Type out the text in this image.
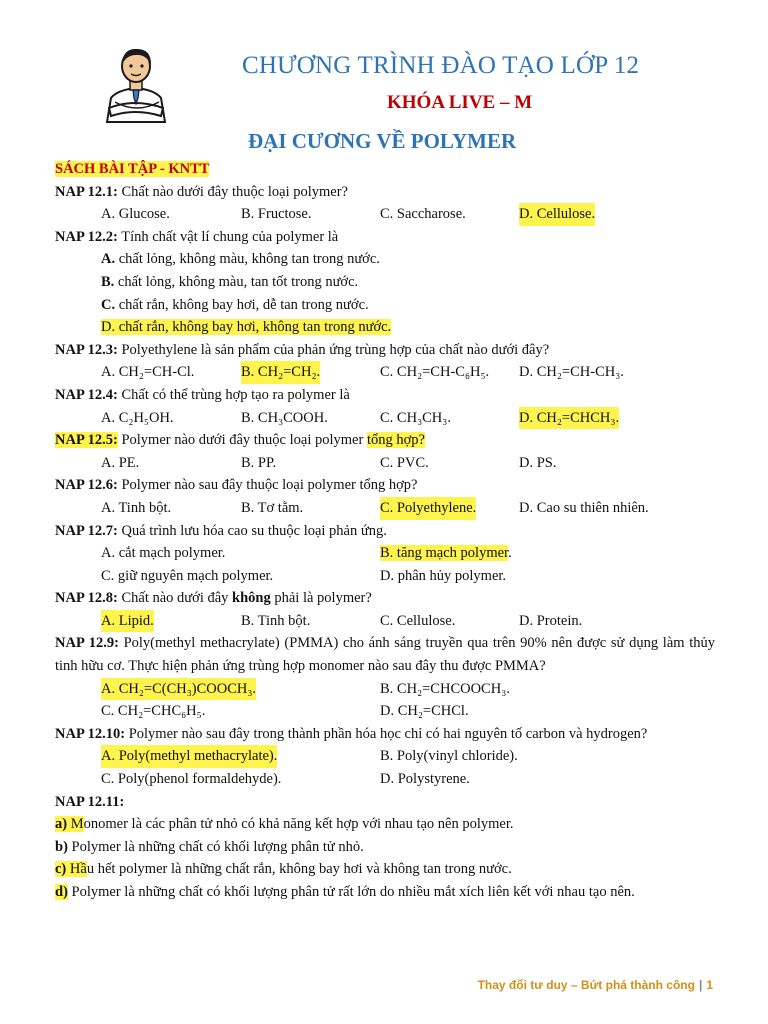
CHƯƠNG TRÌNH ĐÀO TẠO LỚP 12
KHÓA LIVE – M
ĐẠI CƯƠNG VỀ POLYMER
SÁCH BÀI TẬP - KNTT
NAP 12.1: Chất nào dưới đây thuộc loại polymer?
A. Glucose.	B. Fructose.	C. Saccharose.	D. Cellulose.
NAP 12.2: Tính chất vật lí chung của polymer là
A. chất lỏng, không màu, không tan trong nước.
B. chất lỏng, không màu, tan tốt trong nước.
C. chất rắn, không bay hơi, dễ tan trong nước.
D. chất rắn, không bay hơi, không tan trong nước.
NAP 12.3: Polyethylene là sản phẩm của phản ứng trùng hợp của chất nào dưới đây?
A. CH₂=CH-Cl.	B. CH₂=CH₂.	C. CH₂=CH-C₆H₅. D. CH₂=CH-CH₃.
NAP 12.4: Chất có thể trùng hợp tạo ra polymer là
A. C₂H₅OH.	B. CH₃COOH.	C. CH₃CH₃.	D. CH₂=CHCH₃.
NAP 12.5: Polymer nào dưới đây thuộc loại polymer tổng hợp?
A. PE.	B. PP.	C. PVC.	D. PS.
NAP 12.6: Polymer nào sau đây thuộc loại polymer tổng hợp?
A. Tinh bột.	B. Tơ tằm.	C. Polyethylene.	D. Cao su thiên nhiên.
NAP 12.7: Quá trình lưu hóa cao su thuộc loại phản ứng.
A. cắt mạch polymer.	B. tăng mạch polymer.
C. giữ nguyên mạch polymer.	D. phân hủy polymer.
NAP 12.8: Chất nào dưới đây không phải là polymer?
A. Lipid.	B. Tinh bột.	C. Cellulose.	D. Protein.
NAP 12.9: Poly(methyl methacrylate) (PMMA) cho ánh sáng truyền qua trên 90% nên được sử dụng làm thủy tinh hữu cơ. Thực hiện phản ứng trùng hợp monomer nào sau đây thu được PMMA?
A. CH₂=C(CH₃)COOCH₃.	B. CH₂=CHCOOCH₃.
C. CH₂=CHC₆H₅.	D. CH₂=CHCl.
NAP 12.10: Polymer nào sau đây trong thành phần hóa học chỉ có hai nguyên tố carbon và hydrogen?
A. Poly(methyl methacrylate).	B. Poly(vinyl chloride).
C. Poly(phenol formaldehyde).	D. Polystyrene.
NAP 12.11:
a) Monomer là các phân tử nhỏ có khả năng kết hợp với nhau tạo nên polymer.
b) Polymer là những chất có khối lượng phân tử nhỏ.
c) Hầu hết polymer là những chất rắn, không bay hơi và không tan trong nước.
d) Polymer là những chất có khối lượng phân tử rất lớn do nhiều mắt xích liên kết với nhau tạo nên.
Thay đổi tư duy – Bứt phá thành công | 1
